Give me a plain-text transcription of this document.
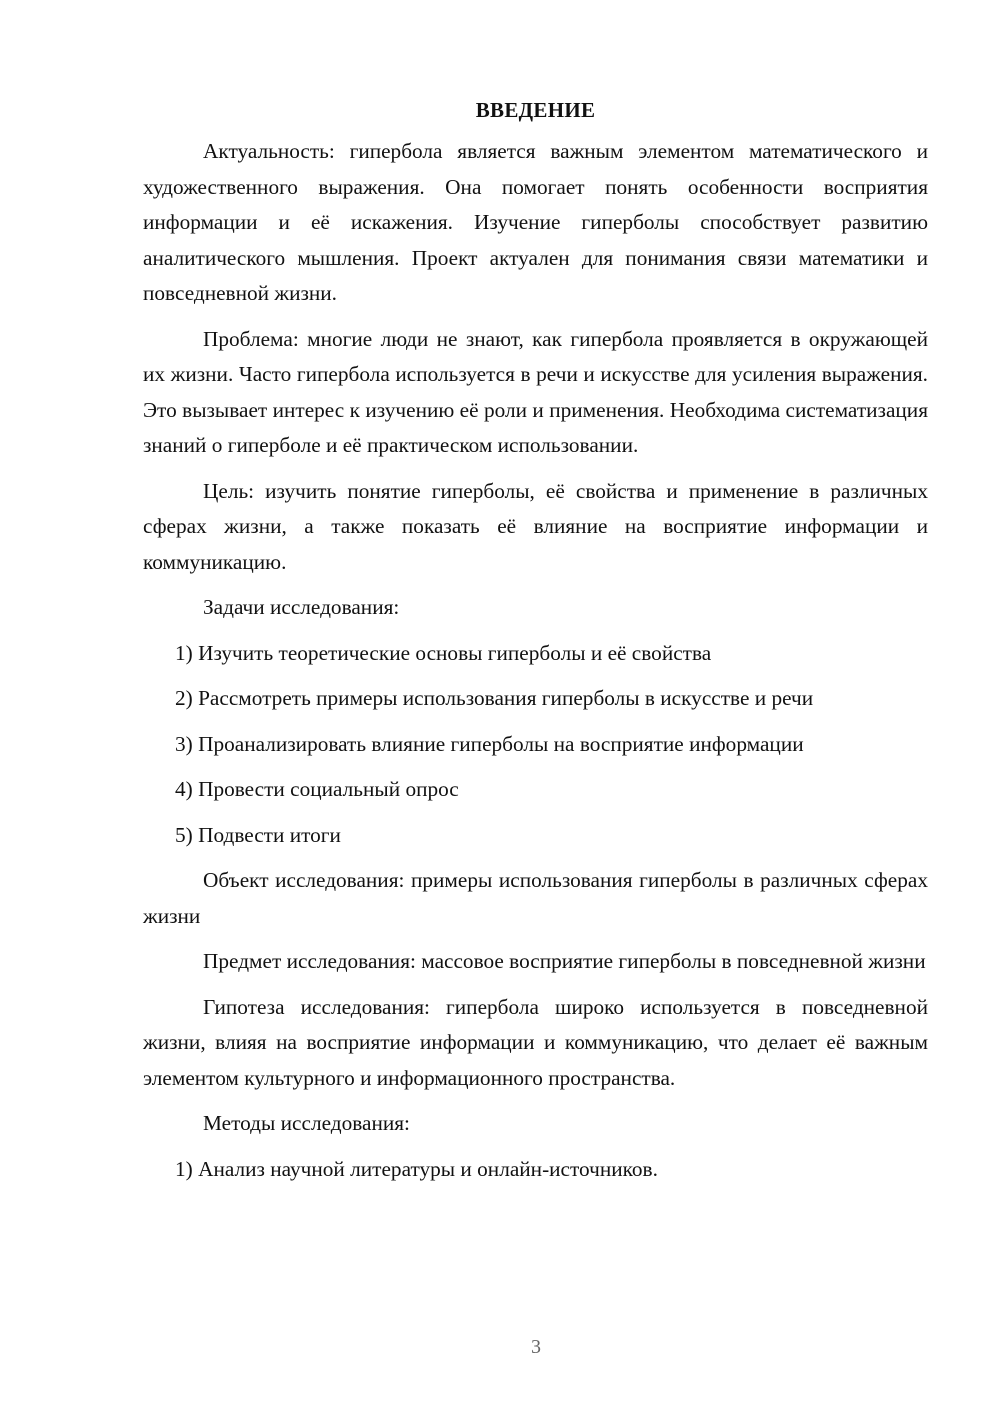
ВВЕДЕНИЕ

Актуальность: гипербола является важным элементом математического и художественного выражения. Она помогает понять особенности восприятия информации и её искажения. Изучение гиперболы способствует развитию аналитического мышления. Проект актуален для понимания связи математики и повседневной жизни.

Проблема: многие люди не знают, как гипербола проявляется в окружающей их жизни. Часто гипербола используется в речи и искусстве для усиления выражения. Это вызывает интерес к изучению её роли и применения. Необходима систематизация знаний о гиперболе и её практическом использовании.

Цель: изучить понятие гиперболы, её свойства и применение в различных сферах жизни, а также показать её влияние на восприятие информации и коммуникацию.

Задачи исследования:

1) Изучить теоретические основы гиперболы и её свойства
2) Рассмотреть примеры использования гиперболы в искусстве и речи
3) Проанализировать влияние гиперболы на восприятие информации
4) Провести социальный опрос
5) Подвести итоги

Объект исследования: примеры использования гиперболы в различных сферах жизни

Предмет исследования: массовое восприятие гиперболы в повседневной жизни

Гипотеза исследования: гипербола широко используется в повседневной жизни, влияя на восприятие информации и коммуникацию, что делает её важным элементом культурного и информационного пространства.

Методы исследования:

1) Анализ научной литературы и онлайн-источников.
3
